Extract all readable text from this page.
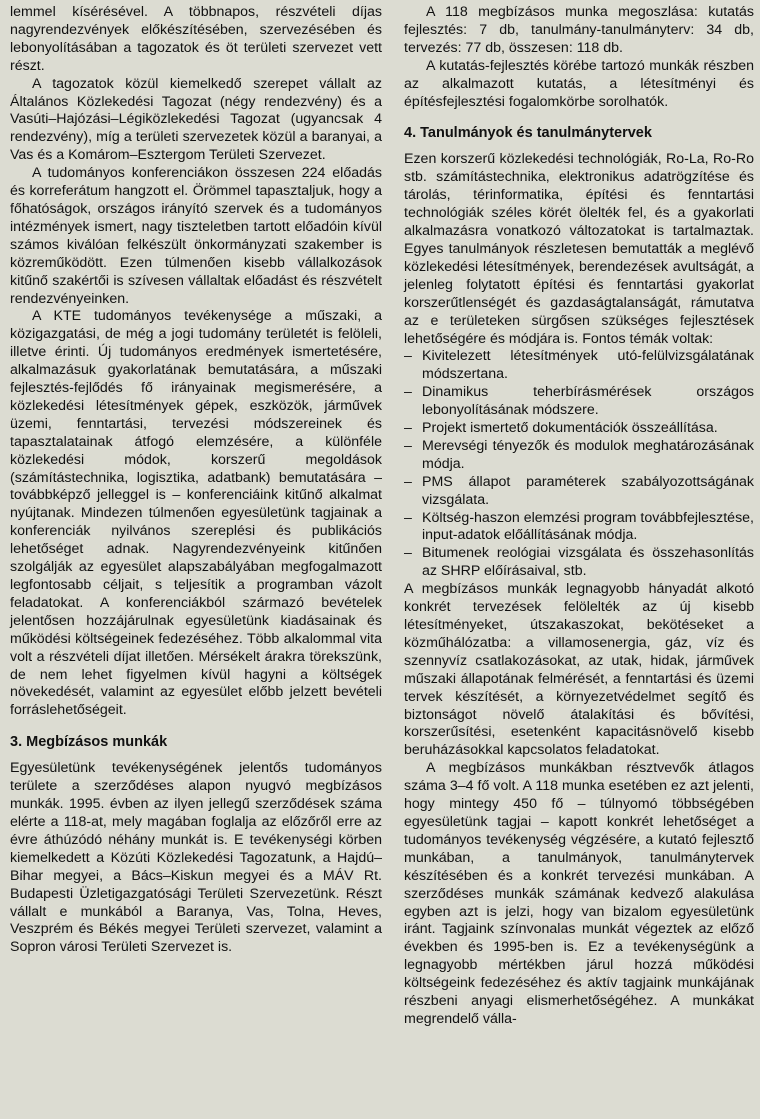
lemmel kísérésével. A többnapos, részvételi díjas nagyrendezvények előkészítésében, szervezésében és lebonyolításában a tagozatok és öt területi szervezet vett részt.

A tagozatok közül kiemelkedő szerepet vállalt az Általános Közlekedési Tagozat (négy rendezvény) és a Vasúti–Hajózási–Légiközlekedési Tagozat (ugyancsak 4 rendezvény), míg a területi szervezetek közül a baranyai, a Vas és a Komárom–Esztergom Területi Szervezet.

A tudományos konferenciákon összesen 224 előadás és korreferátum hangzott el. Örömmel tapasztaljuk, hogy a főhatóságok, országos irányító szervek és a tudományos intézmények ismert, nagy tiszteletben tartott előadóin kívül számos kiválóan felkészült önkormányzati szakember is közreműködött. Ezen túlmenően kisebb vállalkozások kitűnő szakértői is szívesen vállaltak előadást és részvételt rendezvényeinken.

A KTE tudományos tevékenysége a műszaki, a közigazgatási, de még a jogi tudomány területét is felöleli, illetve érinti. Új tudományos eredmények ismertetésére, alkalmazásuk gyakorlatának bemutatására, a műszaki fejlesztés-fejlődés fő irányainak megismerésére, a közlekedési létesítmények gépek, eszközök, járművek üzemi, fenntartási, tervezési módszereinek és tapasztalatainak átfogó elemzésére, a különféle közlekedési módok, korszerű megoldások (számítástechnika, logisztika, adatbank) bemutatására – továbbképző jelleggel is – konferenciáink kitűnő alkalmat nyújtanak. Mindezen túlmenően egyesületünk tagjainak a konferenciák nyilvános szereplési és publikációs lehetőséget adnak. Nagyrendezvényeink kitűnően szolgálják az egyesület alapszabályában megfogalmazott legfontosabb céljait, s teljesítik a programban vázolt feladatokat. A konferenciákból származó bevételek jelentősen hozzájárulnak egyesületünk kiadásainak és működési költségeinek fedezéséhez. Több alkalommal vita volt a részvételi díjat illetően. Mérsékelt árakra törekszünk, de nem lehet figyelmen kívül hagyni a költségek növekedését, valamint az egyesület előbb jelzett bevételi forráslehetőségeit.

3. Megbízásos munkák

Egyesületünk tevékenységének jelentős tudományos területe a szerződéses alapon nyugvó megbízásos munkák. 1995. évben az ilyen jellegű szerződések száma elérte a 118-at, mely magában foglalja az előzőről erre az évre áthúzódó néhány munkát is. E tevékenységi körben kiemelkedett a Közúti Közlekedési Tagozatunk, a Hajdú–Bihar megyei, a Bács–Kiskun megyei és a MÁV Rt. Budapesti Üzletigazgatósági Területi Szervezetünk. Részt vállalt e munkából a Baranya, Vas, Tolna, Heves, Veszprém és Békés megyei Területi szervezet, valamint a Sopron városi Területi Szervezet is.

A 118 megbízásos munka megoszlása: kutatás fejlesztés: 7 db, tanulmány-tanulmányterv: 34 db, tervezés: 77 db, összesen: 118 db.

A kutatás-fejlesztés körébe tartozó munkák részben az alkalmazott kutatás, a létesítményi és építésfejlesztési fogalomkörbe sorolhatók.

4. Tanulmányok és tanulmánytervek

Ezen korszerű közlekedési technológiák, Ro-La, Ro-Ro stb. számítástechnika, elektronikus adatrögzítése és tárolás, térinformatika, építési és fenntartási technológiák széles körét ölelték fel, és a gyakorlati alkalmazásra vonatkozó változatokat is tartalmaztak. Egyes tanulmányok részletesen bemutatták a meglévő közlekedési létesítmények, berendezések avultságát, a jelenleg folytatott építési és fenntartási gyakorlat korszerűtlenségét és gazdaságtalanságát, rámutatva az e területeken sürgősen szükséges fejlesztések lehetőségére és módjára is. Fontos témák voltak:

– Kivitelezett létesítmények utó-felülvizsgálatának módszertana.
– Dinamikus teherbírásmérések országos lebonyolításának módszere.
– Projekt ismertető dokumentációk összeállítása.
– Merevségi tényezők és modulok meghatározásának módja.
– PMS állapot paraméterek szabályozottságának vizsgálata.
– Költség-haszon elemzési program továbbfejlesztése, input-adatok előállításának módja.
– Bitumenek reológiai vizsgálata és összehasonlítás az SHRP előírásaival, stb.

A megbízásos munkák legnagyobb hányadát alkotó konkrét tervezések felölelték az új kisebb létesítményeket, útszakaszokat, bekötéseket a közműhálózatba: a villamosenergia, gáz, víz és szennyvíz csatlakozásokat, az utak, hidak, járművek műszaki állapotának felmérését, a fenntartási és üzemi tervek készítését, a környezetvédelmet segítő és biztonságot növelő átalakítási és bővítési, korszerűsítési, esetenként kapacitásnövelő kisebb beruházásokkal kapcsolatos feladatokat.

A megbízásos munkákban résztvevők átlagos száma 3–4 fő volt. A 118 munka esetében ez azt jelenti, hogy mintegy 450 fő – túlnyomó többségében egyesületünk tagjai – kapott konkrét lehetőséget a tudományos tevékenység végzésére, a kutató fejlesztő munkában, a tanulmányok, tanulmánytervek készítésében és a konkrét tervezési munkában. A szerződéses munkák számának kedvező alakulása egyben azt is jelzi, hogy van bizalom egyesületünk iránt. Tagjaink színvonalas munkát végeztek az előző években és 1995-ben is. Ez a tevékenységünk a legnagyobb mértékben járul hozzá működési költségeink fedezéséhez és aktív tagjaink munkájának részbeni anyagi elismerhetőségéhez. A munkákat megrendelő válla-
